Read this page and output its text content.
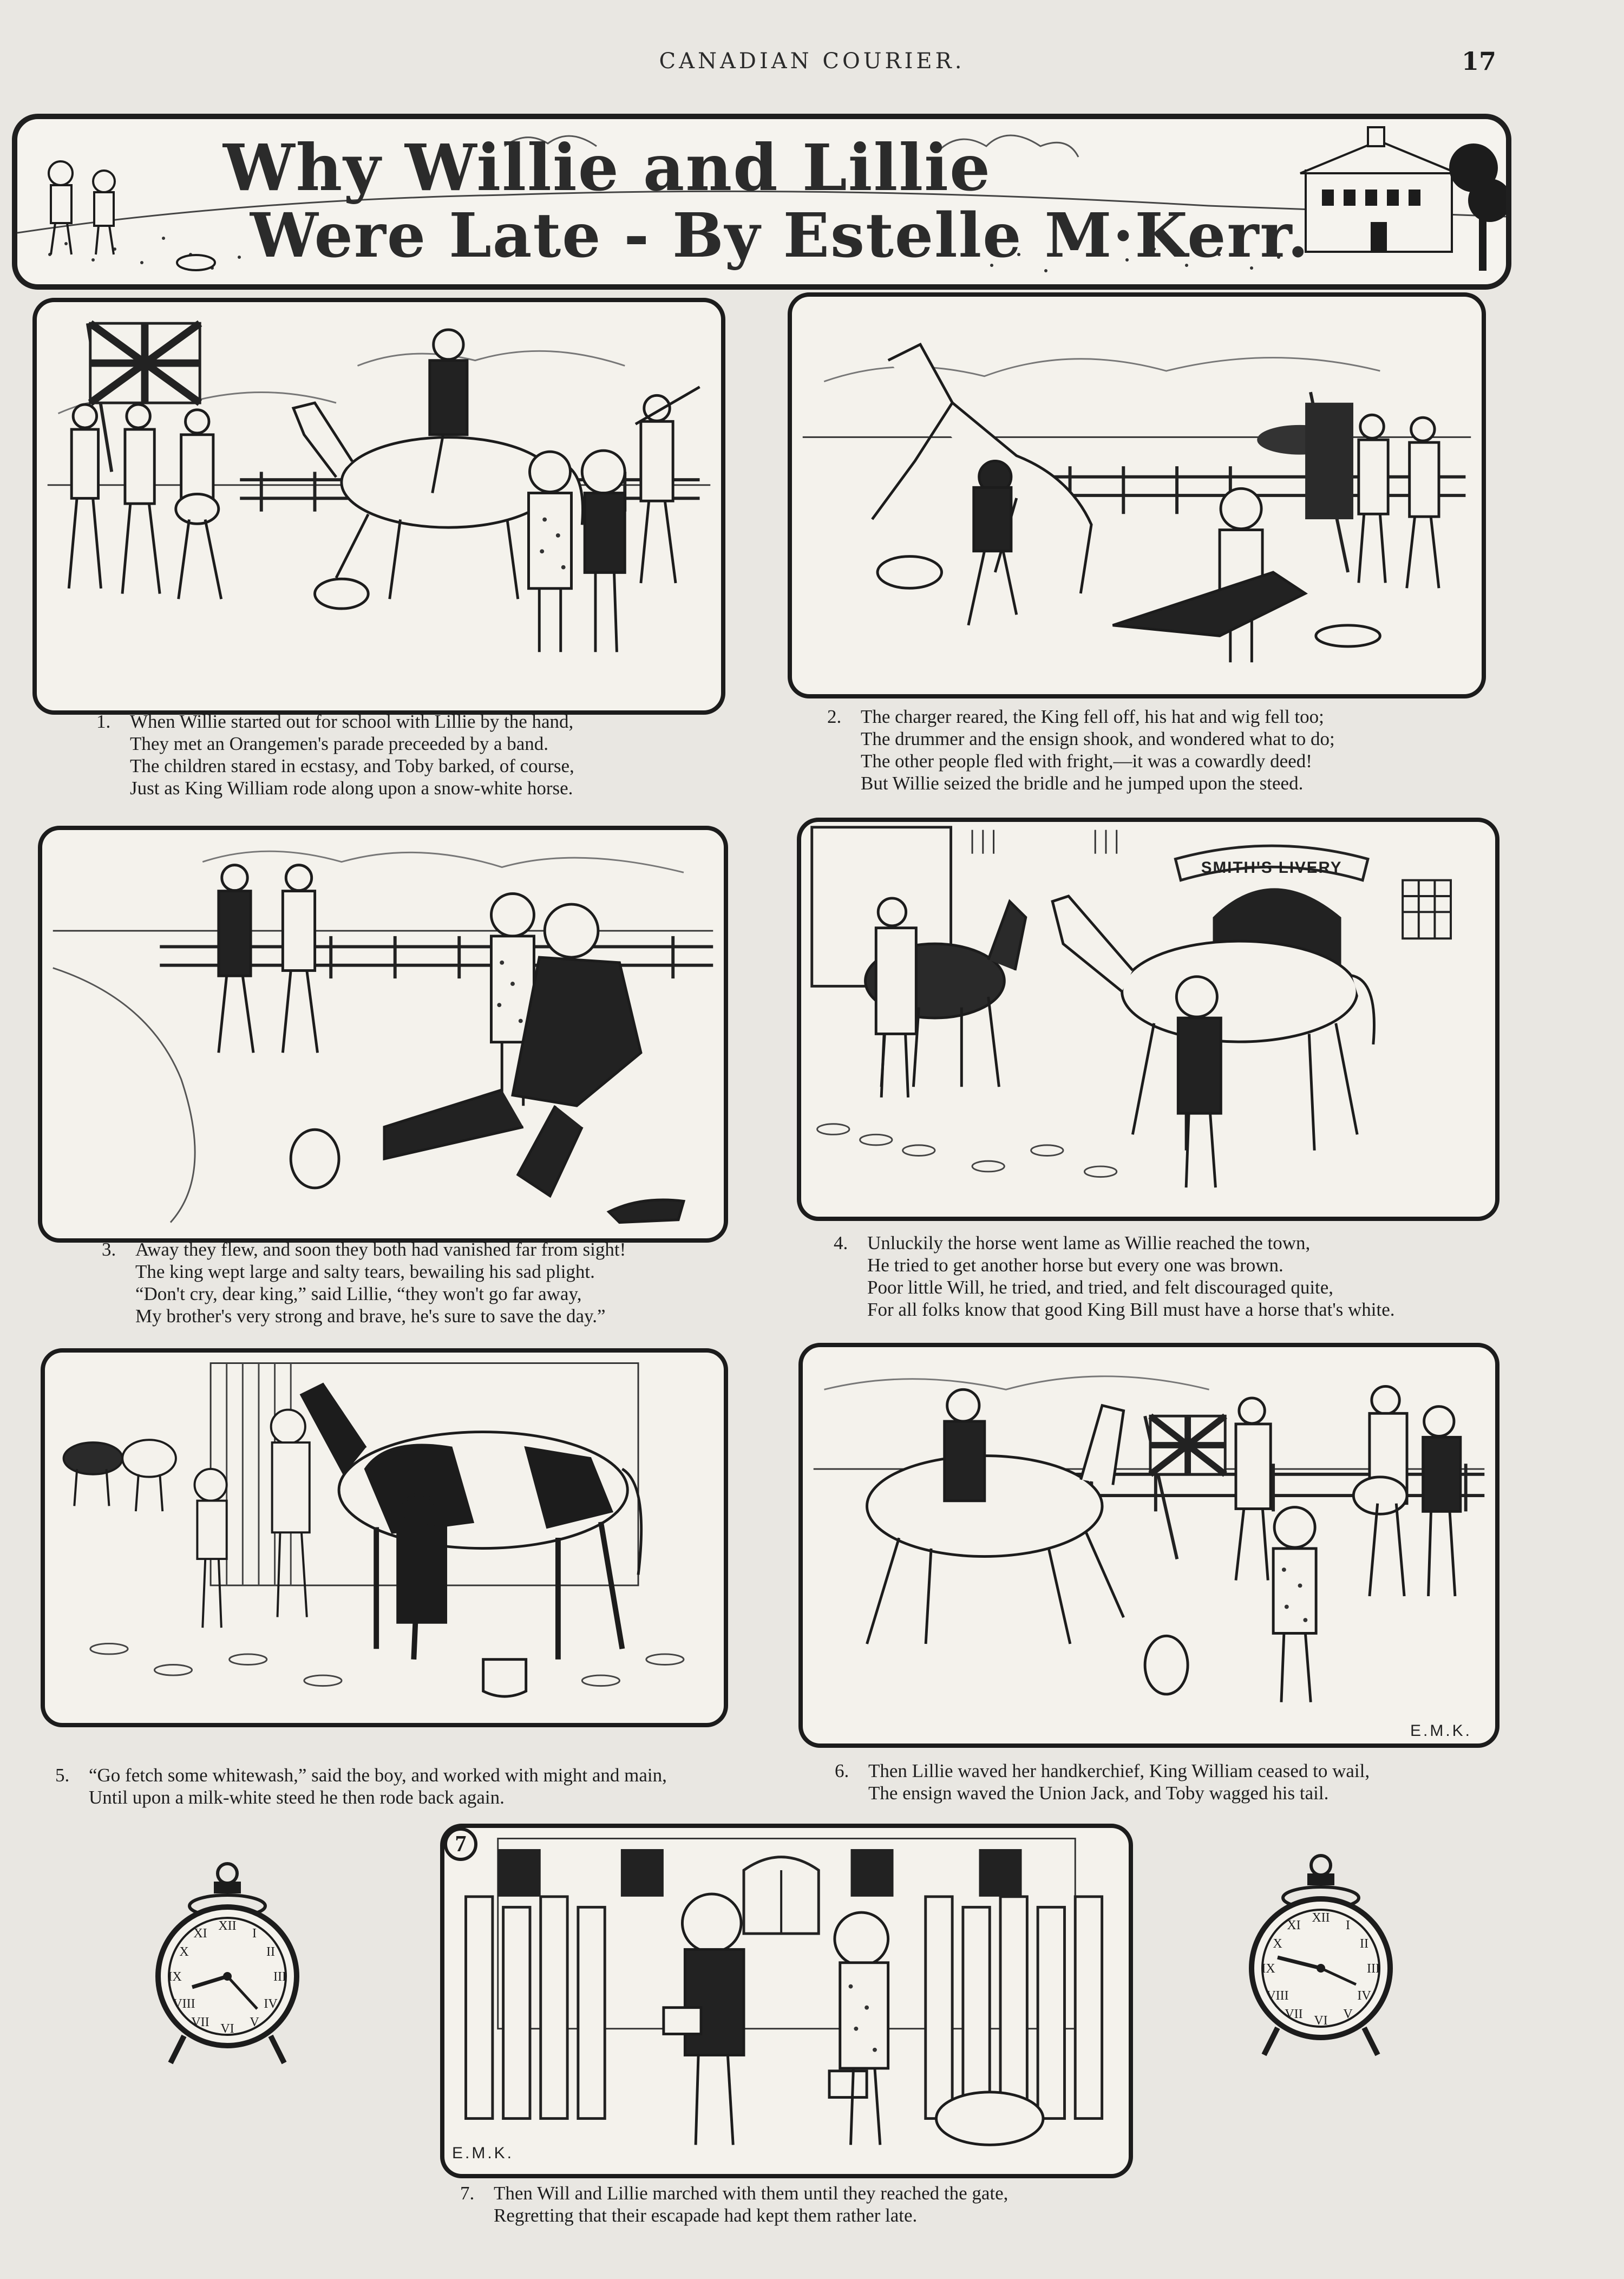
CANADIAN COURIER.	17
Why Willie and Lillie
Were Late - By Estelle M·Kerr.
1. When Willie started out for school with Lillie by the hand,
They met an Orangemen's parade preceeded by a band.
The children stared in ecstasy, and Toby barked, of course,
Just as King William rode along upon a snow-white horse.
2. The charger reared, the King fell off, his hat and wig fell too;
The drummer and the ensign shook, and wondered what to do;
The other people fled with fright,—it was a cowardly deed!
But Willie seized the bridle and he jumped upon the steed.
3. Away they flew, and soon they both had vanished far from sight!
The king wept large and salty tears, bewailing his sad plight.
“Don't cry, dear king,” said Lillie, “they won't go far away,
My brother's very strong and brave, he's sure to save the day.”
SMITH'S LIVERY
4. Unluckily the horse went lame as Willie reached the town,
He tried to get another horse but every one was brown.
Poor little Will, he tried, and tried, and felt discouraged quite,
For all folks know that good King Bill must have a horse that's white.
5. “Go fetch some whitewash,” said the boy, and worked with might and main,
Until upon a milk-white steed he then rode back again.
E.M.K.
6. Then Lillie waved her handkerchief, King William ceased to wail,
The ensign waved the Union Jack, and Toby wagged his tail.
7
E.M.K.
7. Then Will and Lillie marched with them until they reached the gate,
Regretting that their escapade had kept them rather late.
XII
VI
IX	III
I
II
IV
V
VII
VIII
X
XI
XII
VI
IX	III
I
II
IV
V
VII
VIII
X
XI
